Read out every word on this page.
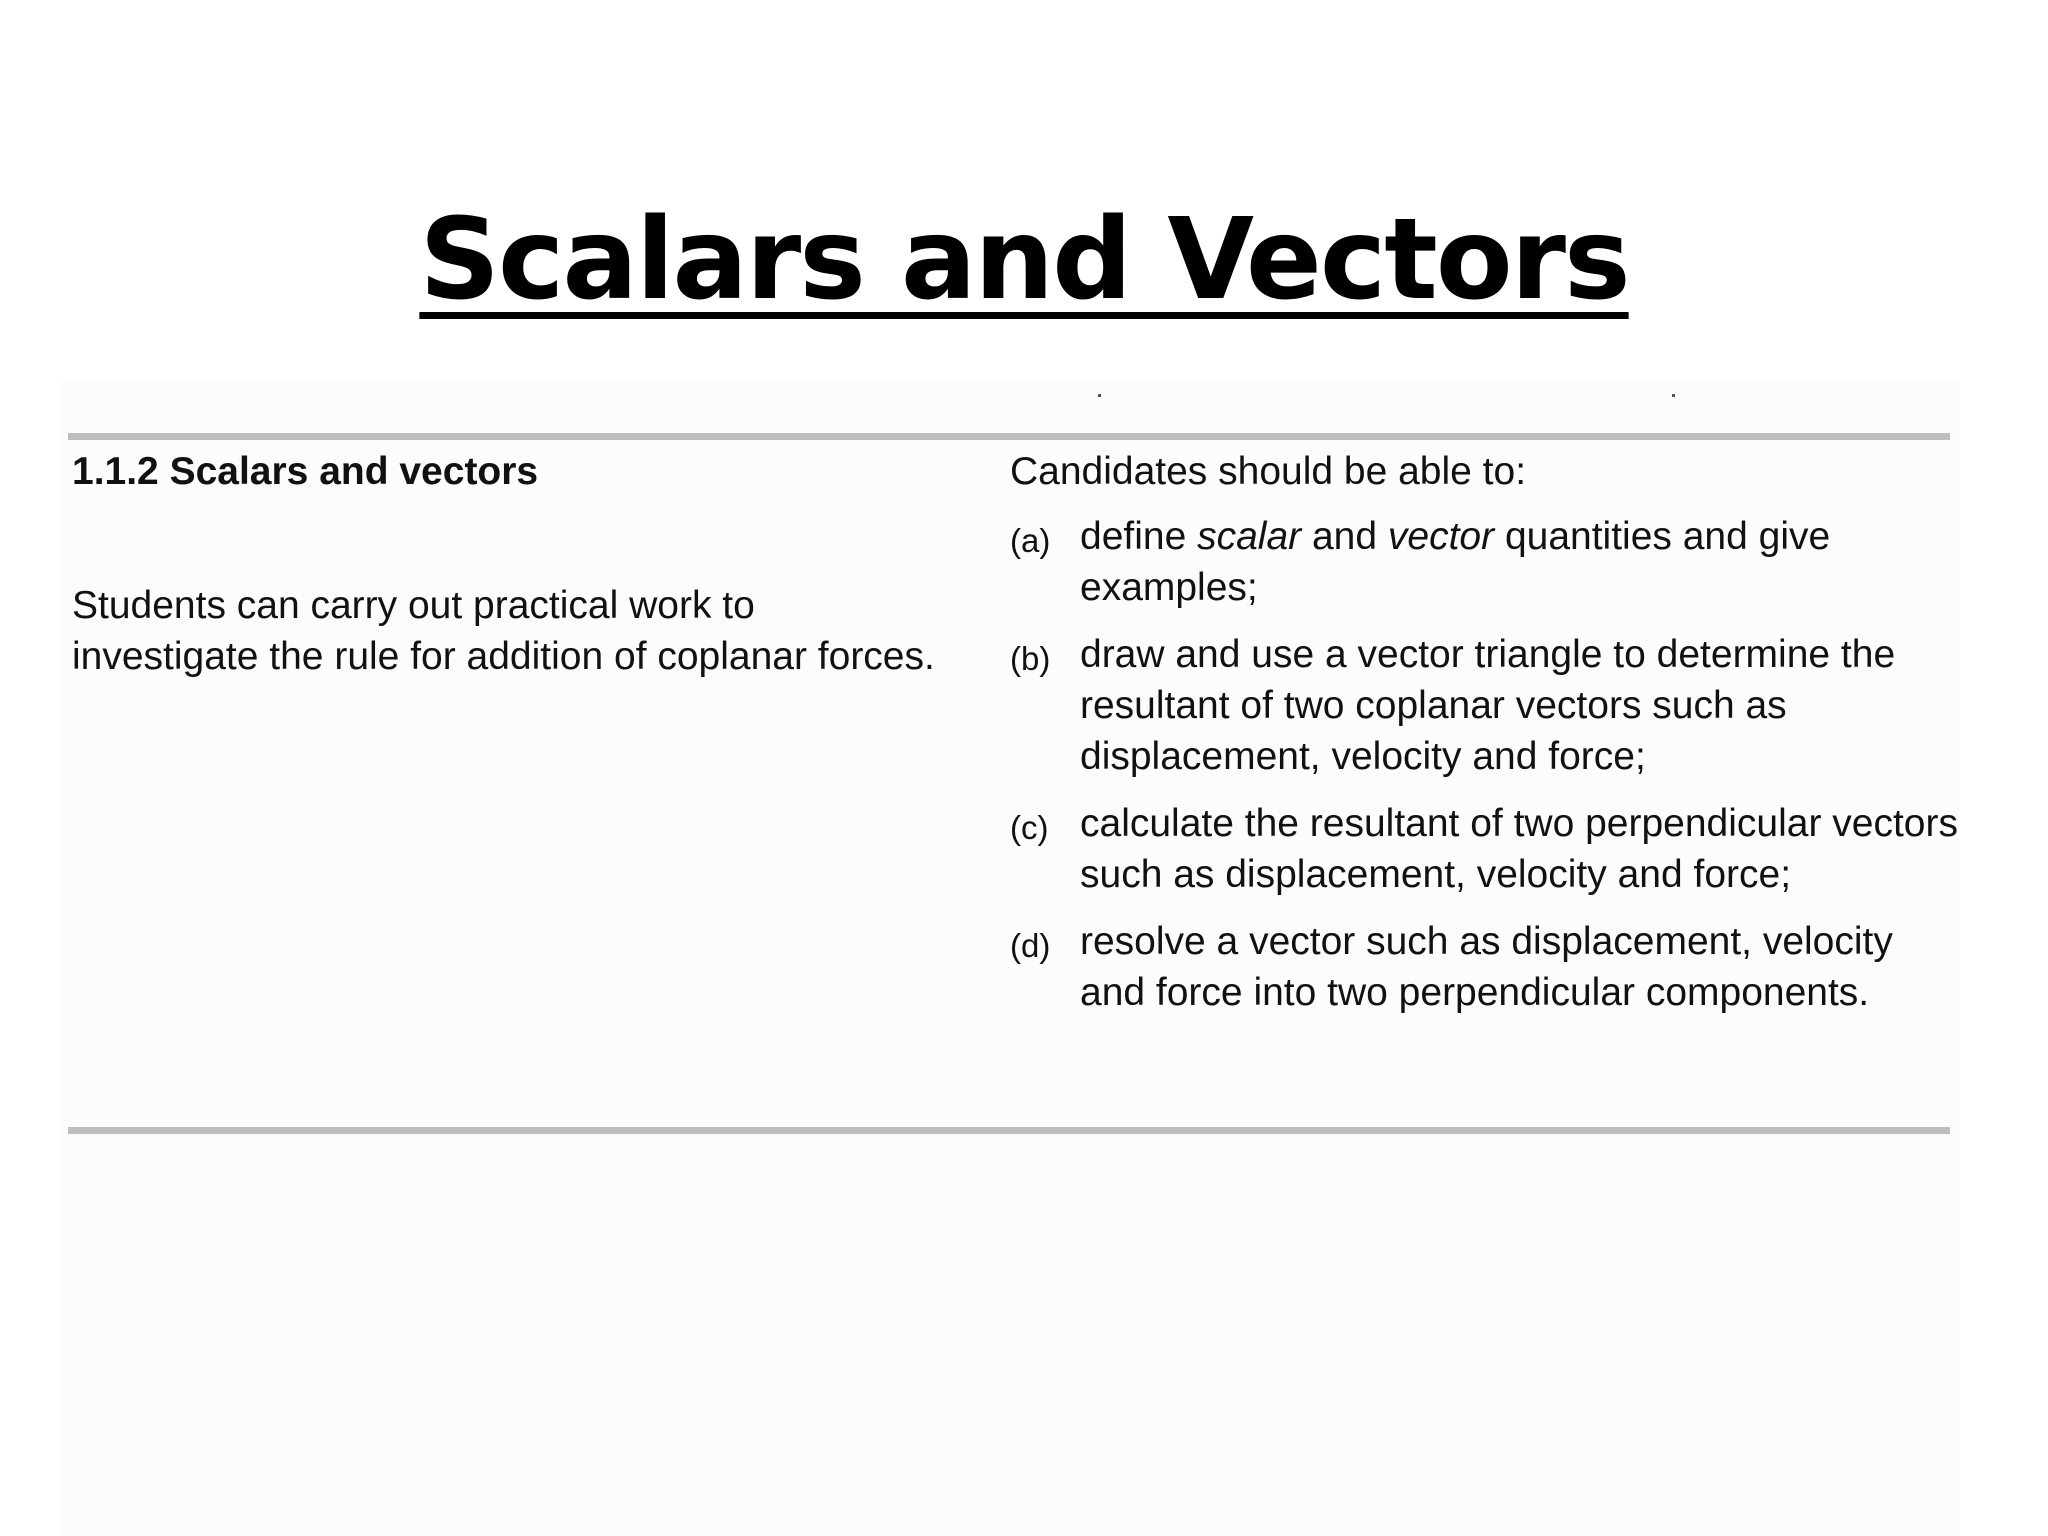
Scalars and Vectors

1.1.2 Scalars and vectors

Students can carry out practical work to investigate the rule for addition of coplanar forces.

Candidates should be able to:

(a) define scalar and vector quantities and give examples;
(b) draw and use a vector triangle to determine the resultant of two coplanar vectors such as displacement, velocity and force;
(c) calculate the resultant of two perpendicular vectors such as displacement, velocity and force;
(d) resolve a vector such as displacement, velocity and force into two perpendicular components.
